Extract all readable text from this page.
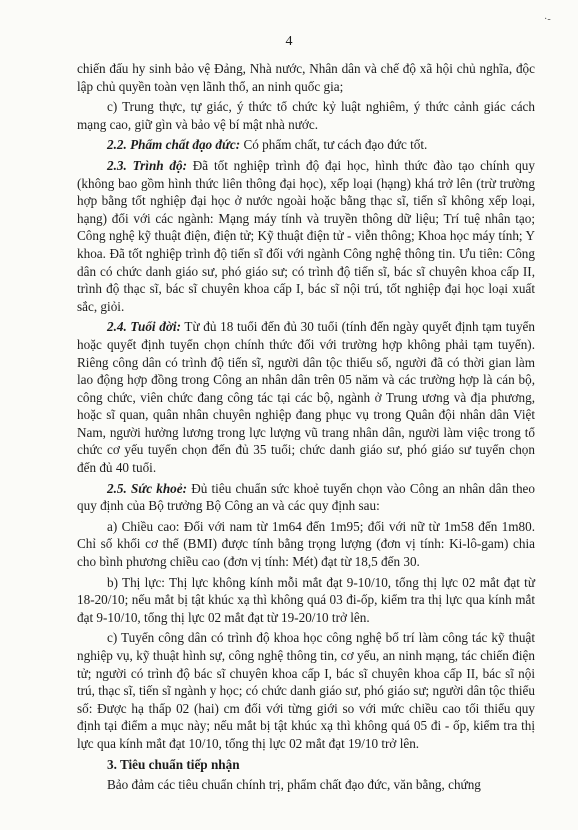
4
·-

chiến đấu hy sinh bảo vệ Đảng, Nhà nước, Nhân dân và chế độ xã hội chủ nghĩa, độc lập chủ quyền toàn vẹn lãnh thổ, an ninh quốc gia;

c) Trung thực, tự giác, ý thức tổ chức kỷ luật nghiêm, ý thức cảnh giác cách mạng cao, giữ gìn và bảo vệ bí mật nhà nước.

2.2. Phẩm chất đạo đức: Có phẩm chất, tư cách đạo đức tốt.

2.3. Trình độ: Đã tốt nghiệp trình độ đại học, hình thức đào tạo chính quy (không bao gồm hình thức liên thông đại học), xếp loại (hạng) khá trở lên (trừ trường hợp bằng tốt nghiệp đại học ở nước ngoài hoặc bằng thạc sĩ, tiến sĩ không xếp loại, hạng) đối với các ngành: Mạng máy tính và truyền thông dữ liệu; Trí tuệ nhân tạo; Công nghệ kỹ thuật điện, điện tử; Kỹ thuật điện tử - viễn thông; Khoa học máy tính; Y khoa. Đã tốt nghiệp trình độ tiến sĩ đối với ngành Công nghệ thông tin. Ưu tiên: Công dân có chức danh giáo sư, phó giáo sư; có trình độ tiến sĩ, bác sĩ chuyên khoa cấp II, trình độ thạc sĩ, bác sĩ chuyên khoa cấp I, bác sĩ nội trú, tốt nghiệp đại học loại xuất sắc, giỏi.

2.4. Tuổi đời: Từ đủ 18 tuổi đến đủ 30 tuổi (tính đến ngày quyết định tạm tuyển hoặc quyết định tuyển chọn chính thức đối với trường hợp không phải tạm tuyển). Riêng công dân có trình độ tiến sĩ, người dân tộc thiểu số, người đã có thời gian làm lao động hợp đồng trong Công an nhân dân trên 05 năm và các trường hợp là cán bộ, công chức, viên chức đang công tác tại các bộ, ngành ở Trung ương và địa phương, hoặc sĩ quan, quân nhân chuyên nghiệp đang phục vụ trong Quân đội nhân dân Việt Nam, người hưởng lương trong lực lượng vũ trang nhân dân, người làm việc trong tổ chức cơ yếu tuyển chọn đến đủ 35 tuổi; chức danh giáo sư, phó giáo sư tuyển chọn đến đủ 40 tuổi.

2.5. Sức khoẻ: Đủ tiêu chuẩn sức khoẻ tuyển chọn vào Công an nhân dân theo quy định của Bộ trưởng Bộ Công an và các quy định sau:

a) Chiều cao: Đối với nam từ 1m64 đến 1m95; đối với nữ từ 1m58 đến 1m80. Chỉ số khối cơ thể (BMI) được tính bằng trọng lượng (đơn vị tính: Ki-lô-gam) chia cho bình phương chiều cao (đơn vị tính: Mét) đạt từ 18,5 đến 30.

b) Thị lực: Thị lực không kính mỗi mắt đạt 9-10/10, tổng thị lực 02 mắt đạt từ 18-20/10; nếu mắt bị tật khúc xạ thì không quá 03 đi-ốp, kiểm tra thị lực qua kính mắt đạt 9-10/10, tổng thị lực 02 mắt đạt từ 19-20/10 trở lên.

c) Tuyển công dân có trình độ khoa học công nghệ bố trí làm công tác kỹ thuật nghiệp vụ, kỹ thuật hình sự, công nghệ thông tin, cơ yếu, an ninh mạng, tác chiến điện tử; người có trình độ bác sĩ chuyên khoa cấp I, bác sĩ chuyên khoa cấp II, bác sĩ nội trú, thạc sĩ, tiến sĩ ngành y học; có chức danh giáo sư, phó giáo sư; người dân tộc thiểu số: Được hạ thấp 02 (hai) cm đối với từng giới so với mức chiều cao tối thiểu quy định tại điểm a mục này; nếu mắt bị tật khúc xạ thì không quá 05 đi - ốp, kiểm tra thị lực qua kính mắt đạt 10/10, tổng thị lực 02 mắt đạt 19/10 trở lên.

3. Tiêu chuẩn tiếp nhận

Bảo đảm các tiêu chuẩn chính trị, phẩm chất đạo đức, văn bằng, chứng
